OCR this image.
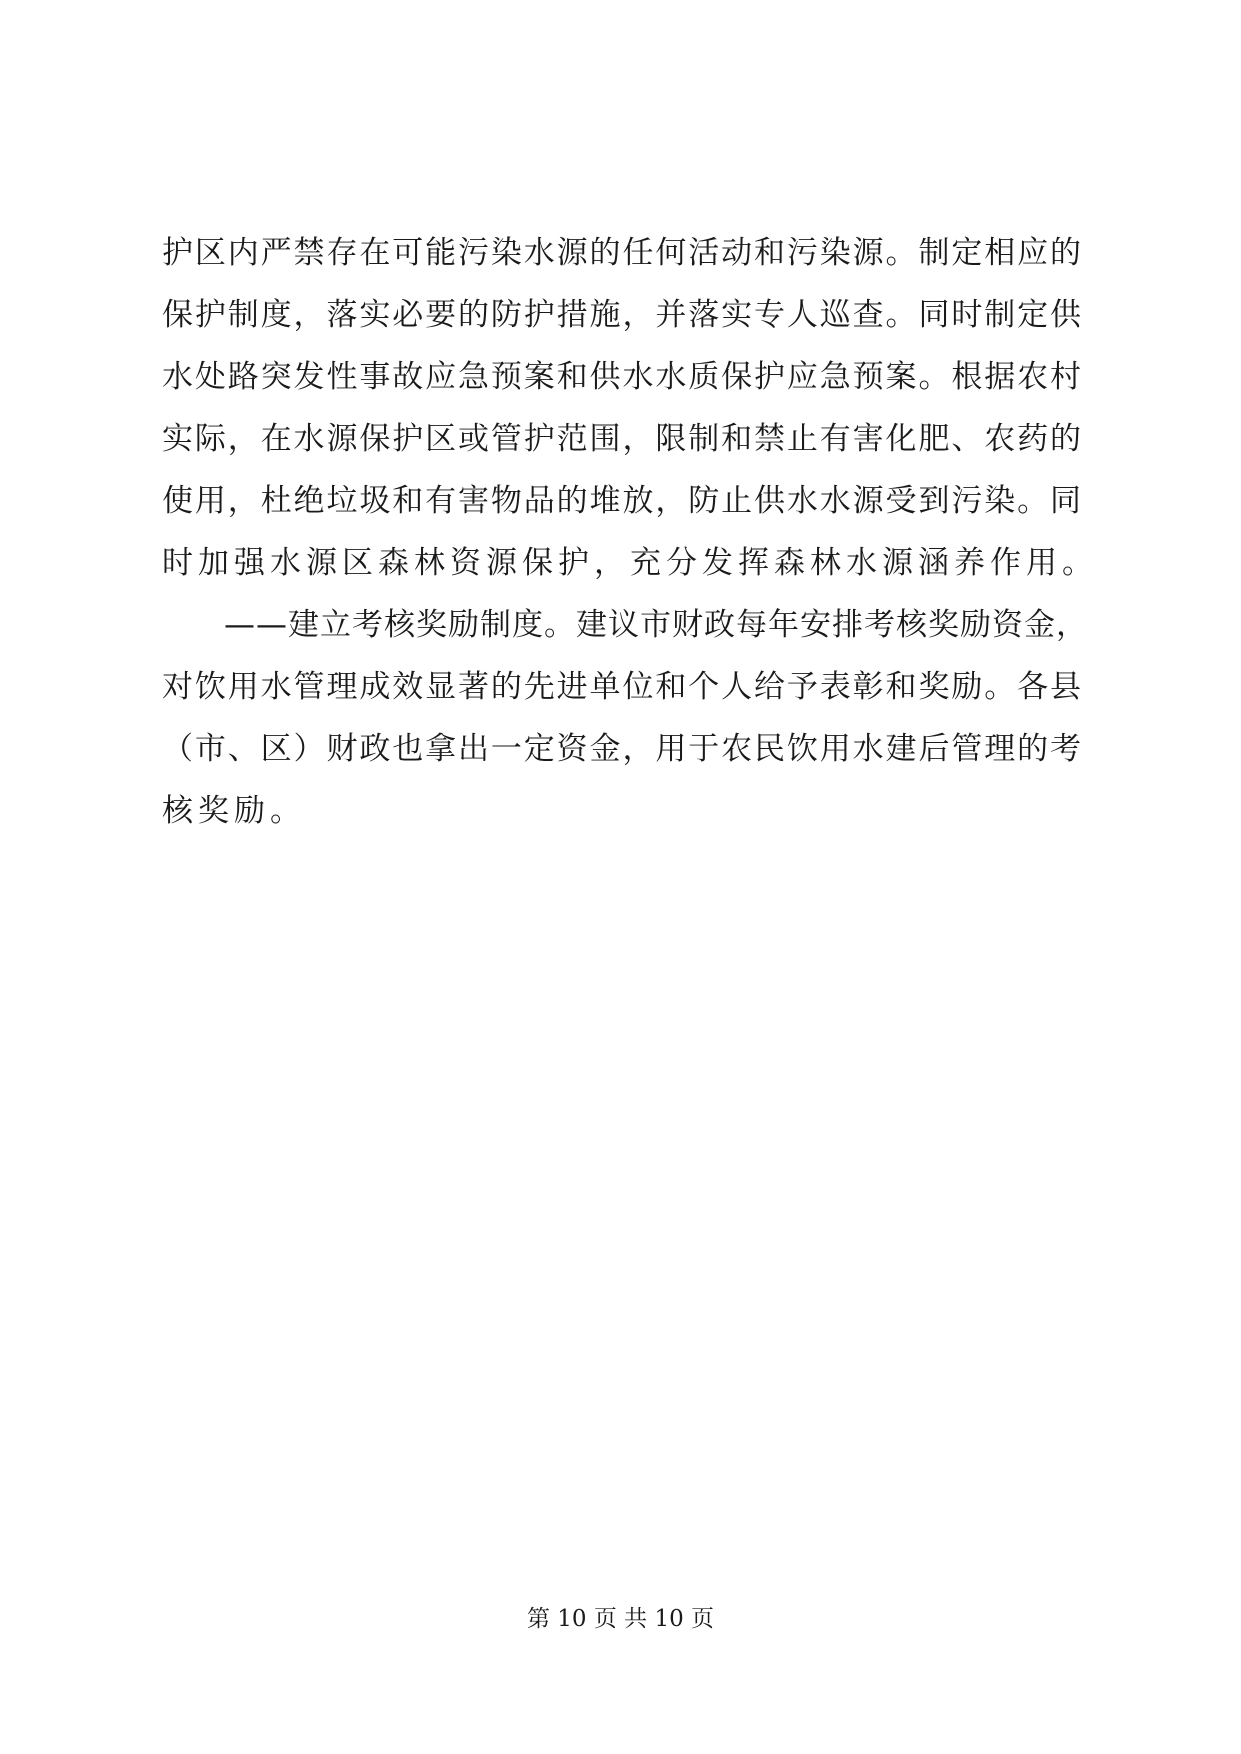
护区内严禁存在可能污染水源的任何活动和污染源。制定相应的
保护制度，落实必要的防护措施，并落实专人巡查。同时制定供
水处路突发性事故应急预案和供水水质保护应急预案。根据农村
实际，在水源保护区或管护范围，限制和禁止有害化肥、农药的
使用，杜绝垃圾和有害物品的堆放，防止供水水源受到污染。同
时加强水源区森林资源保护，充分发挥森林水源涵养作用。
——建立考核奖励制度。建议市财政每年安排考核奖励资金，
对饮用水管理成效显著的先进单位和个人给予表彰和奖励。各县
（市、区）财政也拿出一定资金，用于农民饮用水建后管理的考
核奖励。
第 10 页 共 10 页
